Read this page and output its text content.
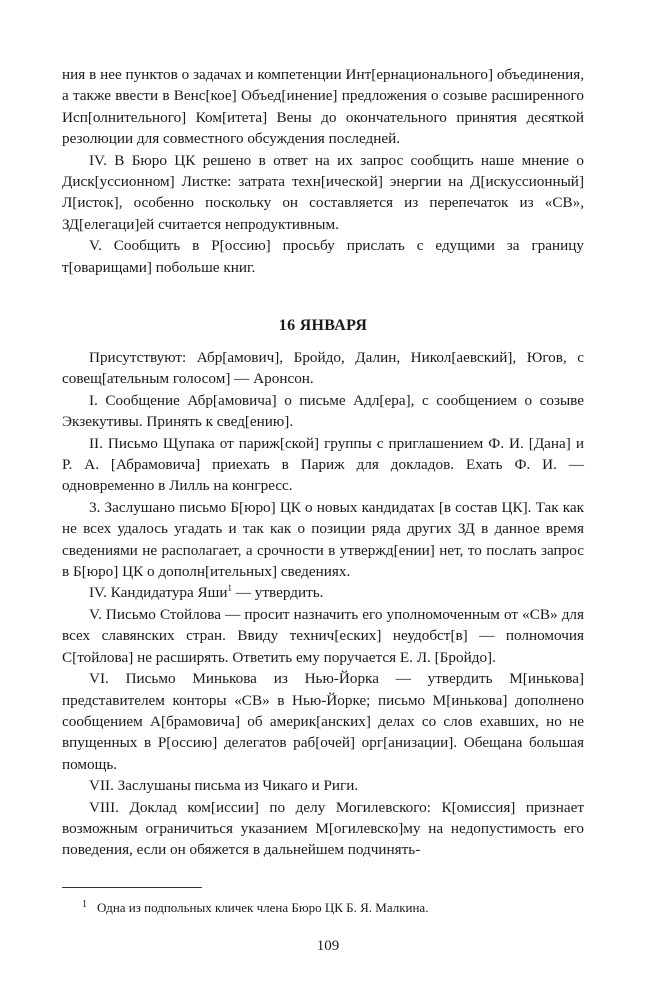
ния в нее пунктов о задачах и компетенции Инт[ернационального] объединения, а также ввести в Венс[кое] Объед[инение] предложения о созыве расширенного Исп[олнительного] Ком[итета] Вены до окончательного принятия десяткой резолюции для совместного обсуждения последней.

IV. В Бюро ЦК решено в ответ на их запрос сообщить наше мнение о Диск[уссионном] Листке: затрата техн[ической] энергии на Д[искуссионный] Л[исток], особенно поскольку он составляется из перепечаток из «СВ», ЗД[елегаци]ей считается непродуктивным.

V. Сообщить в Р[оссию] просьбу прислать с едущими за границу т[оварищами] побольше книг.

16 ЯНВАРЯ

Присутствуют: Абр[амович], Бройдо, Далин, Никол[аевский], Югов, с совещ[ательным голосом] — Аронсон.

I. Сообщение Абр[амовича] о письме Адл[ера], с сообщением о созыве Экзекутивы. Принять к свед[ению].

II. Письмо Щупака от париж[ской] группы с приглашением Ф. И. [Дана] и Р. А. [Абрамовича] приехать в Париж для докладов. Ехать Ф. И. — одновременно в Лилль на конгресс.

3. Заслушано письмо Б[юро] ЦК о новых кандидатах [в состав ЦК]. Так как не всех удалось угадать и так как о позиции ряда других ЗД в данное время сведениями не располагает, а срочности в утвержд[ении] нет, то послать запрос в Б[юро] ЦК о дополн[ительных] сведениях.

IV. Кандидатура Яши$^1$ — утвердить.

V. Письмо Стойлова — просит назначить его уполномоченным от «СВ» для всех славянских стран. Ввиду технич[еских] неудобст[в] — полномочия С[тойлова] не расширять. Ответить ему поручается Е. Л. [Бройдо].

VI. Письмо Минькова из Нью-Йорка — утвердить М[инькова] представителем конторы «СВ» в Нью-Йорке; письмо М[инькова] дополнено сообщением А[брамовича] об америк[анских] делах со слов ехавших, но не впущенных в Р[оссию] делегатов раб[очей] орг[анизации]. Обещана большая помощь.

VII. Заслушаны письма из Чикаго и Риги.

VIII. Доклад ком[иссии] по делу Могилевского: К[омиссия] признает возможным ограничиться указанием М[огилевско]му на недопустимость его поведения, если он обяжется в дальнейшем подчинять-

$^1$ Одна из подпольных кличек члена Бюро ЦК Б. Я. Малкина.
109
